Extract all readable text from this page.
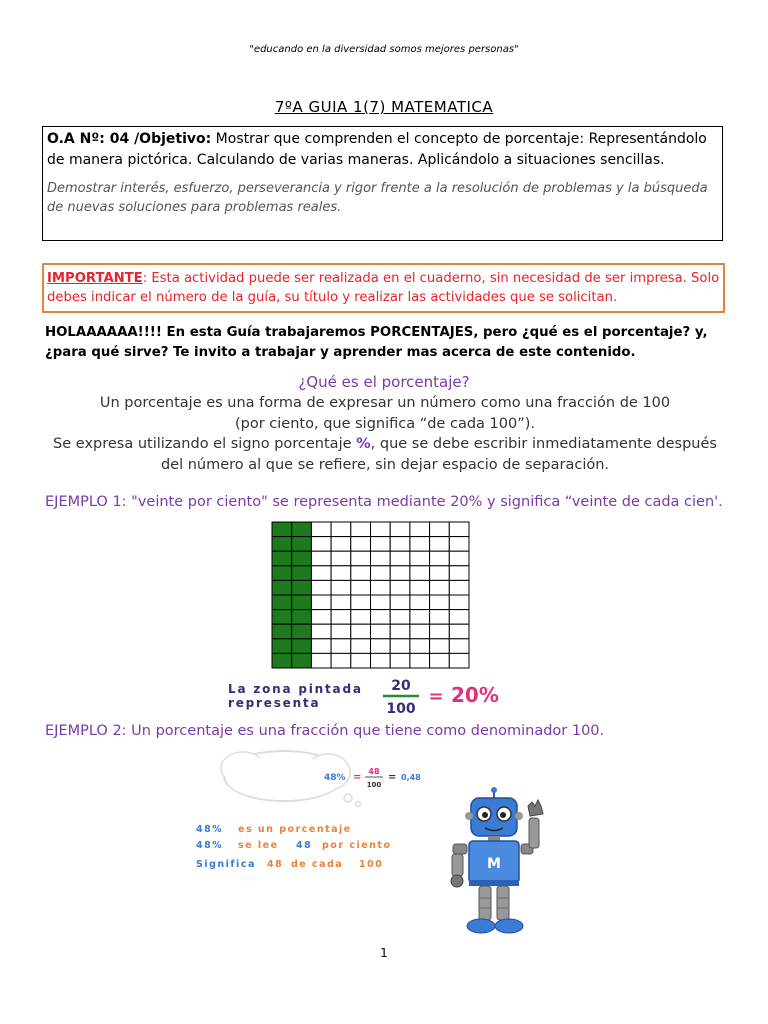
"educando en la diversidad somos mejores personas"
7ºA GUIA 1(7) MATEMATICA
O.A Nº: 04 /Objetivo: Mostrar que comprenden el concepto de porcentaje: Representándolo de manera pictórica. Calculando de varias maneras. Aplicándolo a situaciones sencillas.
Demostrar interés, esfuerzo, perseverancia y rigor frente a la resolución de problemas y la búsqueda de nuevas soluciones para problemas reales.
IMPORTANTE: Esta actividad puede ser realizada en el cuaderno, sin necesidad de ser impresa. Solo debes indicar el número de la guía, su título y realizar las actividades que se solicitan.
HOLAAAAAA!!!! En esta Guía trabajaremos PORCENTAJES, pero ¿qué es el porcentaje? y, ¿para qué sirve? Te invito a trabajar y aprender mas acerca de este contenido.
¿Qué es el porcentaje?
Un porcentaje es una forma de expresar un número como una fracción de 100
(por ciento, que significa “de cada 100”).
Se expresa utilizando el signo porcentaje %, que se debe escribir inmediatamente después del número al que se refiere, sin dejar espacio de separación.
EJEMPLO 1: "veinte por ciento" se representa mediante 20% y significa “veinte de cada cien'.
La zona pintada
representa
20
100
= 20%
EJEMPLO 2: Un porcentaje es una fracción que tiene como denominador 100.
48% =
48
100
= 0,48
48% es un porcentaje
48% se lee 48 por ciento
Significa 48 de cada 100	M
1
